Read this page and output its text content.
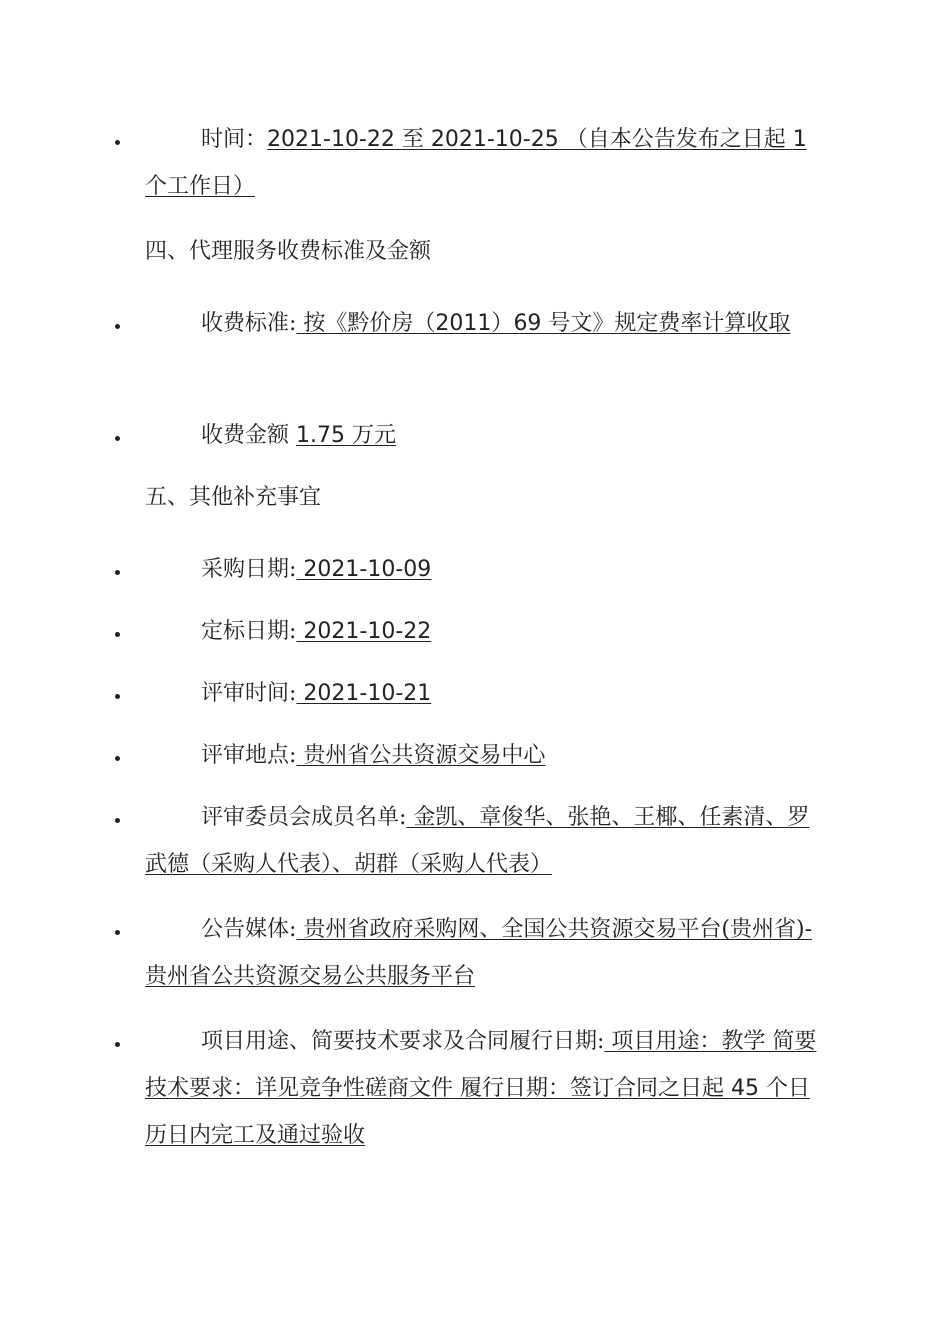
时间：2021-10-22 至 2021-10-25 （自本公告发布之日起 1 个工作日）
四、代理服务收费标准及金额
收费标准: 按《黔价房（2011）69 号文》规定费率计算收取
收费金额 1.75 万元
五、其他补充事宜
采购日期: 2021-10-09
定标日期: 2021-10-22
评审时间: 2021-10-21
评审地点: 贵州省公共资源交易中心
评审委员会成员名单: 金凯、章俊华、张艳、王椰、任素清、罗武德（采购人代表）、胡群（采购人代表）
公告媒体: 贵州省政府采购网、全国公共资源交易平台(贵州省)-贵州省公共资源交易公共服务平台
项目用途、简要技术要求及合同履行日期: 项目用途：教学 简要技术要求：详见竞争性磋商文件 履行日期：签订合同之日起 45 个日历日内完工及通过验收
